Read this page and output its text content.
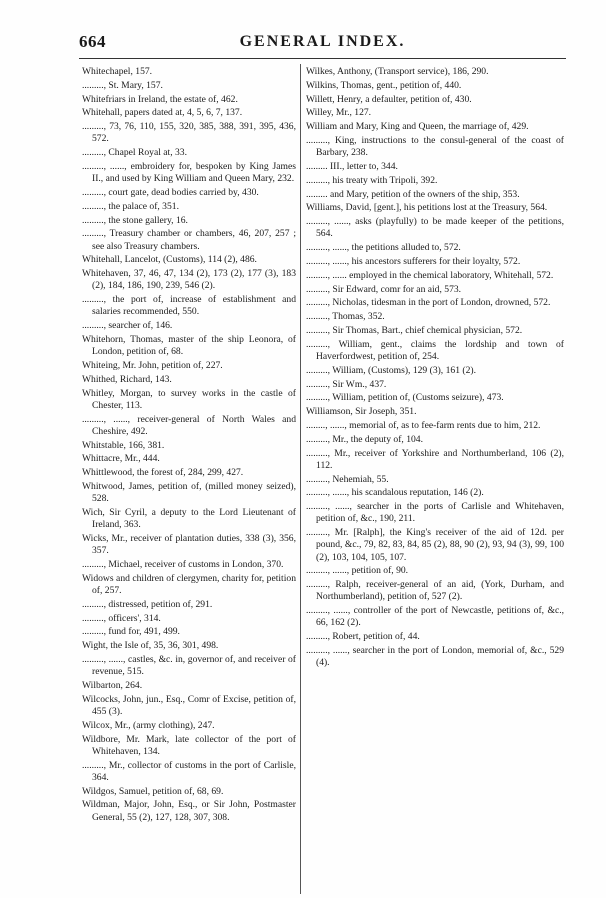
664	GENERAL INDEX.
Whitechapel, 157.
........., St. Mary, 157.
Whitefriars in Ireland, the estate of, 462.
Whitehall, papers dated at, 4, 5, 6, 7, 137.
........., 73, 76, 110, 155, 320, 385, 388, 391, 395, 436, 572.
........., Chapel Royal at, 33.
........., ......, embroidery for, bespoken by King James II., and used by King William and Queen Mary, 232.
........., court gate, dead bodies carried by, 430.
........., the palace of, 351.
........., the stone gallery, 16.
........., Treasury chamber or chambers, 46, 207, 257 ; see also Treasury chambers.
Whitehall, Lancelot, (Customs), 114 (2), 486.
Whitehaven, 37, 46, 47, 134 (2), 173 (2), 177 (3), 183 (2), 184, 186, 190, 239, 546 (2).
........., the port of, increase of establishment and salaries recommended, 550.
........., searcher of, 146.
Whitehorn, Thomas, master of the ship Leonora, of London, petition of, 68.
Whiteing, Mr. John, petition of, 227.
Whithed, Richard, 143.
Whitley, Morgan, to survey works in the castle of Chester, 113.
........., ......, receiver-general of North Wales and Cheshire, 492.
Whitstable, 166, 381.
Whittacre, Mr., 444.
Whittlewood, the forest of, 284, 299, 427.
Whitwood, James, petition of, (milled money seized), 528.
Wich, Sir Cyril, a deputy to the Lord Lieutenant of Ireland, 363.
Wicks, Mr., receiver of plantation duties, 338 (3), 356, 357.
........., Michael, receiver of customs in London, 370.
Widows and children of clergymen, charity for, petition of, 257.
........., distressed, petition of, 291.
........., officers', 314.
........., fund for, 491, 499.
Wight, the Isle of, 35, 36, 301, 498.
........., ......, castles, &c. in, governor of, and receiver of revenue, 515.
Wilbarton, 264.
Wilcocks, John, jun., Esq., Comr of Excise, petition of, 455 (3).
Wilcox, Mr., (army clothing), 247.
Wildbore, Mr. Mark, late collector of the port of Whitehaven, 134.
........., Mr., collector of customs in the port of Carlisle, 364.
Wildgos, Samuel, petition of, 68, 69.
Wildman, Major, John, Esq., or Sir John, Postmaster General, 55 (2), 127, 128, 307, 308.
Wilkes, Anthony, (Transport service), 186, 290.
Wilkins, Thomas, gent., petition of, 440.
Willett, Henry, a defaulter, petition of, 430.
Willey, Mr., 127.
William and Mary, King and Queen, the marriage of, 429.
........., King, instructions to the consul-general of the coast of Barbary, 238.
......... III., letter to, 344.
........., his treaty with Tripoli, 392.
......... and Mary, petition of the owners of the ship, 353.
Williams, David, [gent.], his petitions lost at the Treasury, 564.
........., ......, asks (playfully) to be made keeper of the petitions, 564.
........., ......, the petitions alluded to, 572.
........., ......, his ancestors sufferers for their loyalty, 572.
........., ...... employed in the chemical laboratory, Whitehall, 572.
........., Sir Edward, comr for an aid, 573.
........., Nicholas, tidesman in the port of London, drowned, 572.
........., Thomas, 352.
........., Sir Thomas, Bart., chief chemical physician, 572.
........., William, gent., claims the lordship and town of Haverfordwest, petition of, 254.
........., William, (Customs), 129 (3), 161 (2).
........., Sir Wm., 437.
........., William, petition of, (Customs seizure), 473.
Williamson, Sir Joseph, 351.
........, ......, memorial of, as to fee-farm rents due to him, 212.
........., Mr., the deputy of, 104.
........., Mr., receiver of Yorkshire and Northumberland, 106 (2), 112.
........., Nehemiah, 55.
........., ......, his scandalous reputation, 146 (2).
........., ......, searcher in the ports of Carlisle and Whitehaven, petition of, &c., 190, 211.
........., Mr. [Ralph], the King's receiver of the aid of 12d. per pound, &c., 79, 82, 83, 84, 85 (2), 88, 90 (2), 93, 94 (3), 99, 100 (2), 103, 104, 105, 107.
........., ......, petition of, 90.
........., Ralph, receiver-general of an aid, (York, Durham, and Northumberland), petition of, 527 (2).
........., ......, controller of the port of Newcastle, petitions of, &c., 66, 162 (2).
........., Robert, petition of, 44.
........., ......, searcher in the port of London, memorial of, &c., 529 (4).
